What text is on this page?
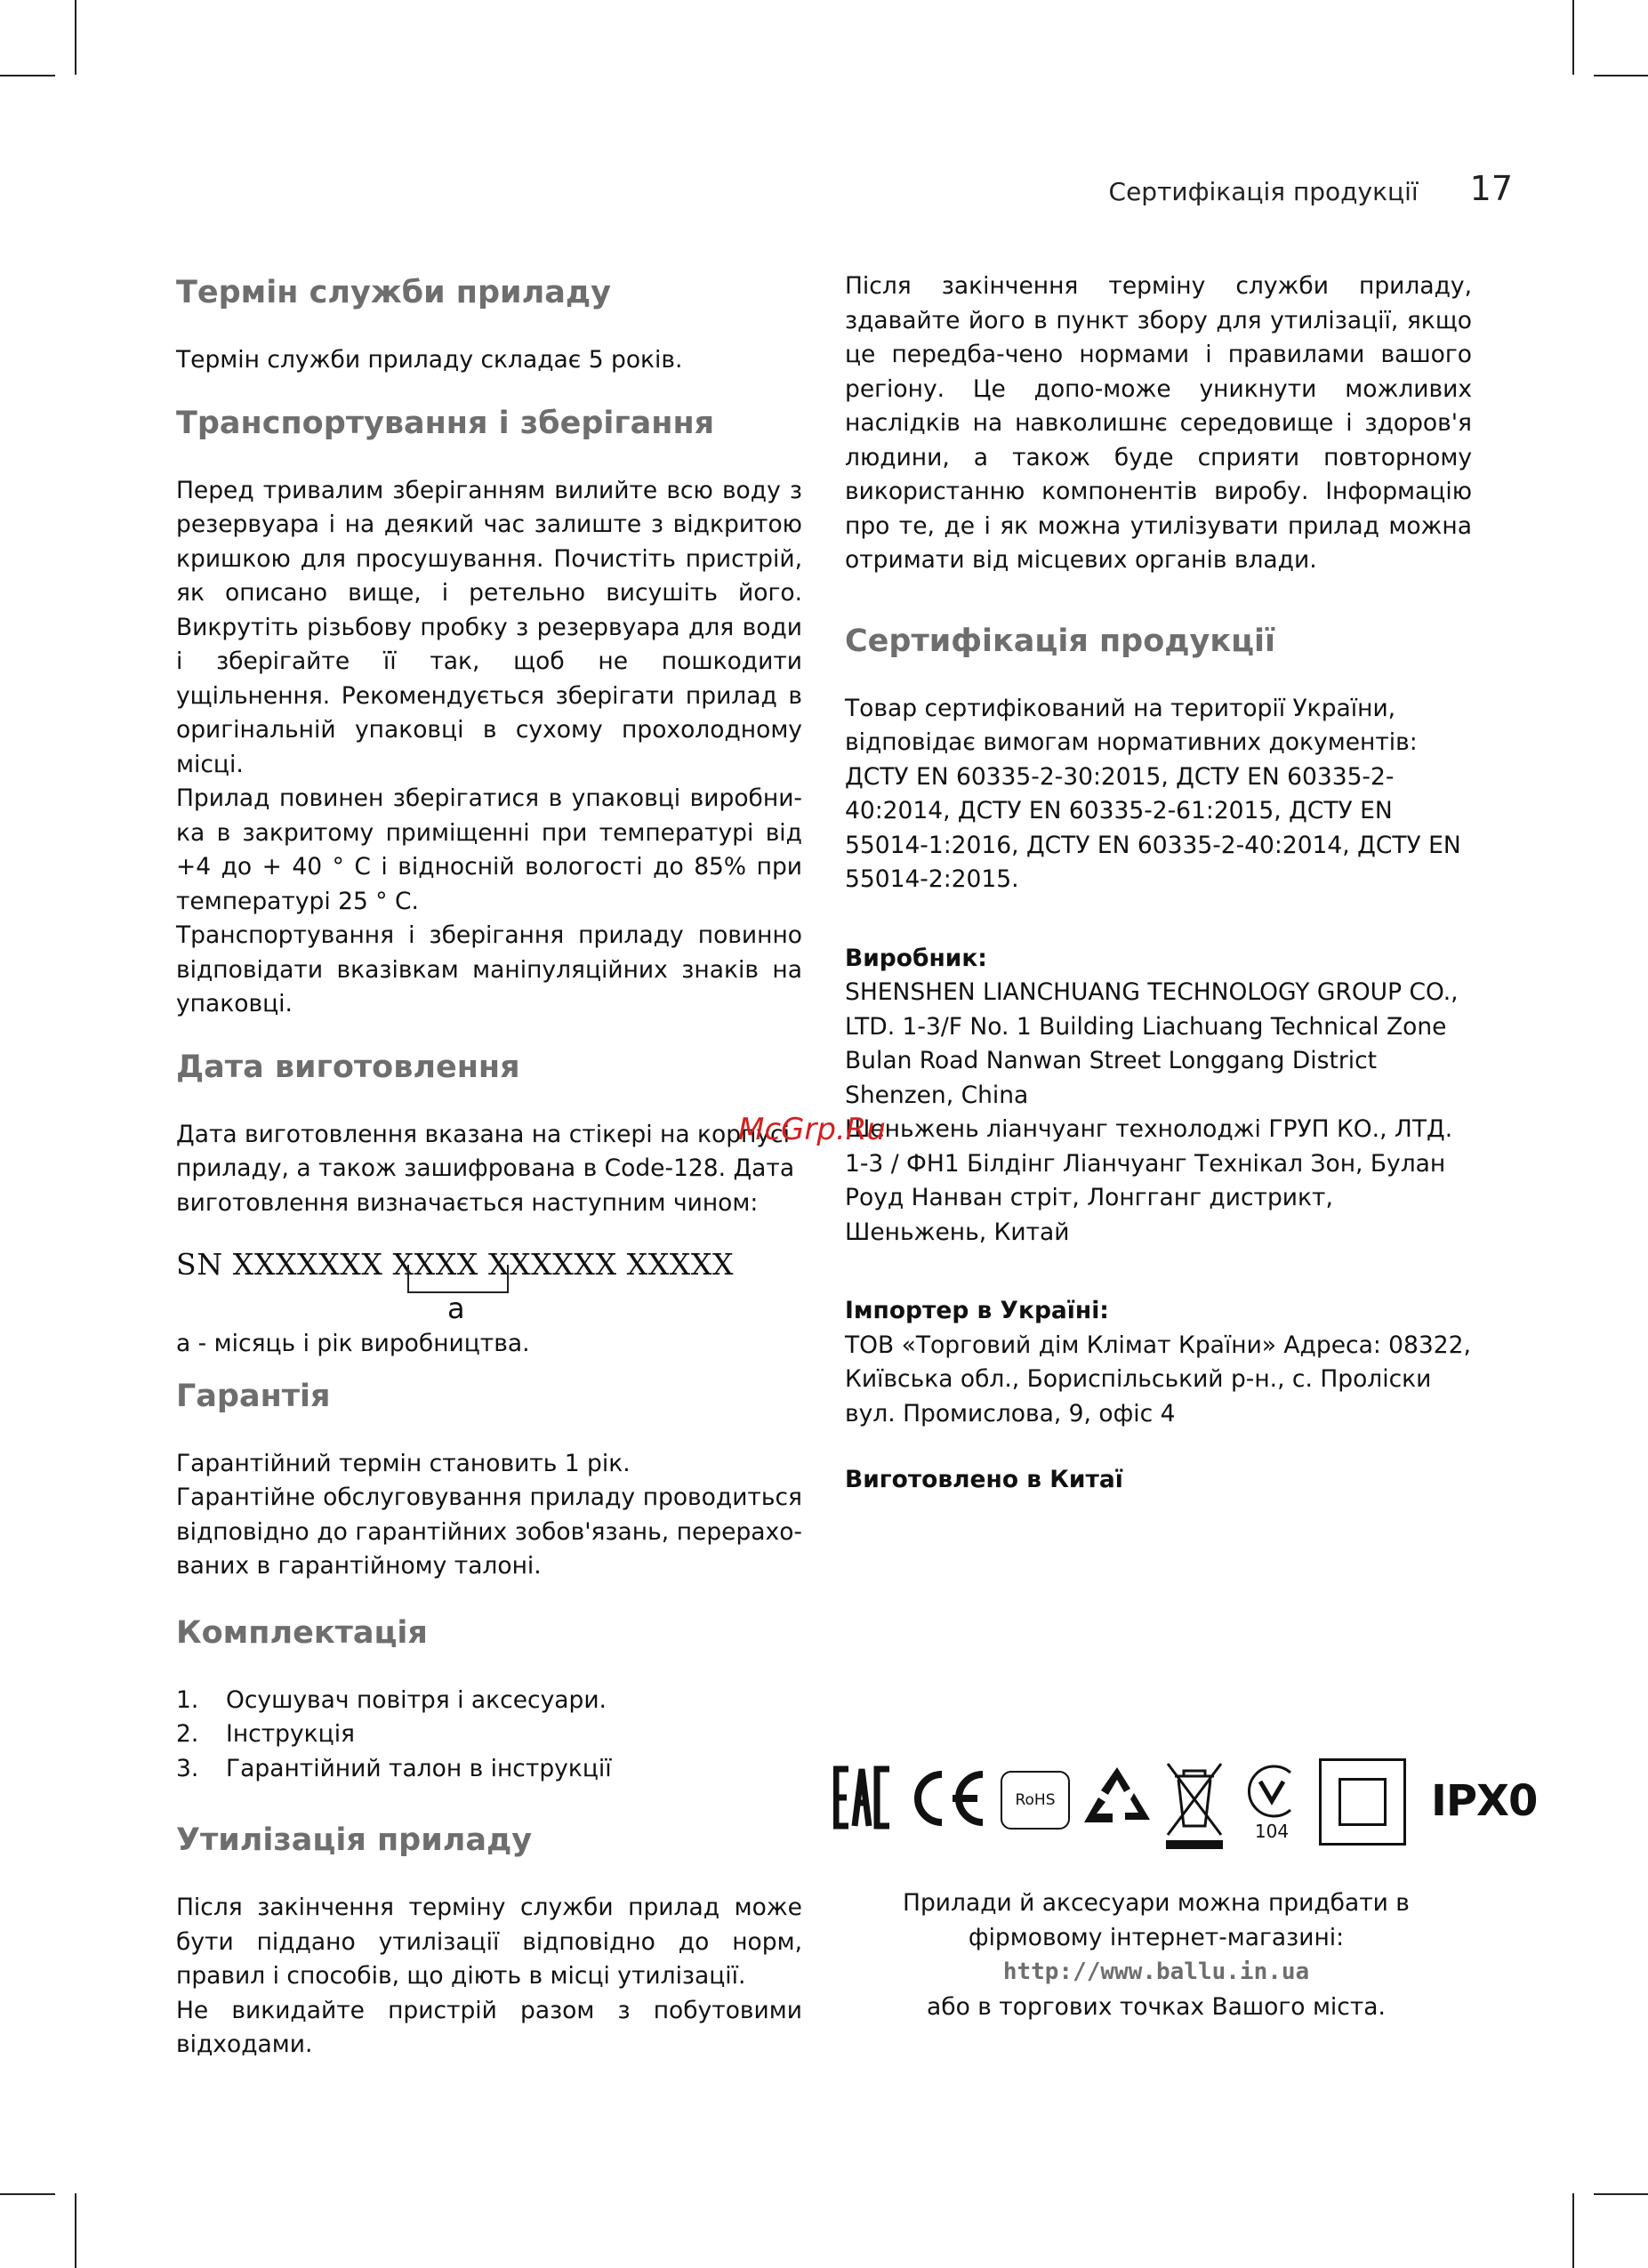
Сертифікація продукції 17
Термін служби приладу

Термін служби приладу складає 5 років.

Транспортування і зберігання

Перед тривалим зберіганням вилийте всю воду з резервуара і на деякий час залиште з відкритою кришкою для просушування. Почистіть пристрій, як описано вище, і ретельно висушіть його. Викрутіть різьбову пробку з резервуара для води і зберігайте її так, щоб не пошкодити ущільнення. Рекомендується зберігати прилад в оригінальній упаковці в сухому прохолодному місці.

Прилад повинен зберігатися в упаковці виробни-ка в закритому приміщенні при температурі від +4 до + 40 ° С і відносній вологості до 85% при температурі 25 ° С.

Транспортування і зберігання приладу повинно відповідати вказівкам маніпуляційних знаків на упаковці.

Дата виготовлення

Дата виготовлення вказана на стікері на корпусі приладу, а також зашифрована в Code-128. Дата виготовлення визначається наступним чином:

SN XXXXXXX XXXX XXXXXX XXXXX
a

a - місяць і рік виробництва.

Гарантія

Гарантійний термін становить 1 рік.

Гарантійне обслуговування приладу проводиться відповідно до гарантійних зобов'язань, перерахо-ваних в гарантійному талоні.

Комплектація
1.	Осушувач повітря і аксесуари.
2.	Інструкція
3.	Гарантійний талон в інструкції
Утилізація приладу

Після закінчення терміну служби прилад може бути піддано утилізації відповідно до норм, правил і способів, що діють в місці утилізації.

Не викидайте пристрій разом з побутовими відходами.

Після закінчення терміну служби приладу, здавайте його в пункт збору для утилізації, якщо це передба-чено нормами і правилами вашого регіону. Це допо-може уникнути можливих наслідків на навколишнє середовище і здоров'я людини, а також буде сприяти повторному використанню компонентів виробу. Інформацію про те, де і як можна утилізувати прилад можна отримати від місцевих органів влади.

Сертифікація продукції

Товар сертифікований на території України, відповідає вимогам нормативних документів: ДСТУ EN 60335-2-30:2015, ДСТУ EN 60335-2-40:2014, ДСТУ EN 60335-2-61:2015, ДСТУ EN 55014-1:2016, ДСТУ EN 60335-2-40:2014, ДСТУ EN 55014-2:2015.

Виробник:

SHENSHEN LIANCHUANG TECHNOLOGY GROUP CO., LTD. 1-3/F No. 1 Building Liachuang Technical Zone Bulan Road Nanwan Street Longgang District Shenzen, China

Шеньжень ліанчуанг технолоджі ГРУП КО., ЛТД. 1-3 / ФН1 Білдінг Ліанчуанг Технікал Зон, Булан Роуд Нанван стріт, Лонгганг дистрикт, Шеньжень, Китай

Імпортер в Україні:

ТОВ «Торговий дім Клімат Країни» Адреса: 08322, Київська обл., Бориспільський р-н., с. Пролiски вул. Промислова, 9, офіс 4

Виготовлено в Китаї

RoHS
104
IPX0

Прилади й аксесуари можна придбати в

фірмовому інтернет-магазині:

http://www.ballu.in.ua

або в торгових точках Вашого міста.

McGrp.Ru
